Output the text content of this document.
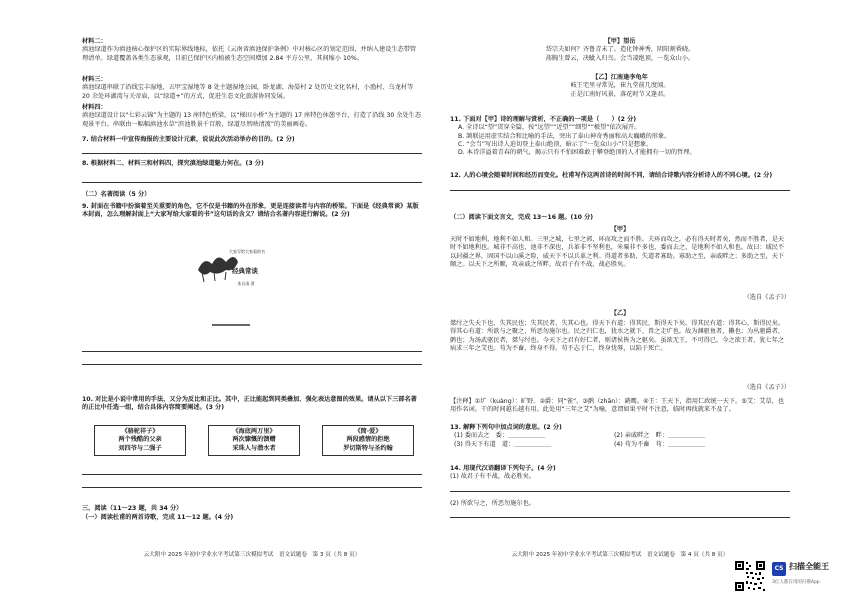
材料二：
滇池绿道作为滇池核心保护区的实际界线地标，依托《云南省滇池保护条例》中对核心区的划定范围，并纳入建设生态带管理清单。绿道覆盖各类生态景观，目前已保护区内植被生态空间增加 2.84 平方公里，其间缩小 10%。
材料三：
滇池绿道串联了沿线宝丰湿地、五甲宝湿地等 8 处主题湿地公园，卧龙湖、海晏村 2 处历史文化名村，小渔村、乌龙村等 20 余处环湖湾与关帝庙，以“绿道+”的方式，促进生态文化旅游协同发展。
材料四：
滇池绿道设计以“七彩云锦”为主题的 13 座特色桥梁，以“梯田小桥”为主题的 17 座特色休憩平台，打造了沿线 30 余处生态观景平台。串联由一幅幅滇池水草“滨池胜景千百般，绿道尽然映清流”的美丽画卷。
7. 结合材料一中宣传海报的主要设计元素，说说此次活动举办的目的。(2 分)
8. 根据材料二、材料三和材料四，探究滇池绿道魅力何在。(3 分)
（二）名著阅读（5 分）
9. 封面在书籍中扮演着至关重要的角色，它不仅是书籍的外在形象，更是连接读者与内容的桥梁。下面是《经典常谈》某版本封面，怎么理解封面上“大家写给大家看的书”这句话的含义？请结合名著内容进行解说。(2 分)
大家写给大家看的书
经典常谈
朱自清 著
10. 对比是小说中常用的手法，又分为反比和正比。其中，正比能起到同类叠加、强化表达意图的效果。请从以下三部名著的正比中任选一组，结合具体内容简要阐述。(3 分)
《骆驼祥子》
两个残酷的父亲
刘四爷与二强子
《海底两万里》
两次慷慨的馈赠
采珠人与潜水者
《简·爱》
两段感情的拒绝
罗切斯特与圣约翰
三、阅读（11～23 题，共 34 分）
（一）阅读杜甫的两首诗歌，完成 11～12 题。(4 分)
云大附中 2025 年初中学业水平考试第三次模拟考试　语文试题卷　第 3 页（共 8 页）
【甲】望岳
岱宗夫如何？齐鲁青未了。造化钟神秀，阴阳割昏晓。
荡胸生曾云，决眦入归鸟。会当凌绝顶，一览众山小。
【乙】江南逢李龟年
岐王宅里寻常见，崔九堂前几度闻。
正是江南好风景，落花时节又逢君。
11. 下面对【甲】诗的理解与赏析，不正确的一项是（　　）(2 分)
A. 全诗以“望”贯穿全篇，按“远望”“近望”“细望”“极望”依次展开。
B. 颔联运用虚实结合和比喻的手法，突出了泰山神奇秀丽和高大巍峨的形象。
C. “会当”写出诗人迫切登上泰山绝顶，暗示了“一览众山小”只是想象。
D. 本诗洋溢着青春的朝气，揭示只有不怕困难敢于攀登绝顶的人才能拥有一切的哲理。
12. 人的心境会随着时间和经历而变化。杜甫写作这两首诗的时间不同，请结合诗歌内容分析诗人的不同心境。(2 分)
（二）阅读下面文言文，完成 13～16 题。(10 分)
【甲】
天时不如地利，地利不如人和。三里之城，七里之郭，环而攻之而不胜。夫环而攻之，必有得天时者矣，然而不胜者，是天时不如地利也。城非不高也，池非不深也，兵革非不坚利也，米粟非不多也，委而去之，是地利不如人和也。故曰：域民不以封疆之界，固国不以山溪之险，威天下不以兵革之利。得道者多助，失道者寡助。寡助之至，亲戚畔之；多助之至，天下顺之。以天下之所顺，攻亲戚之所畔，故君子有不战，战必胜矣。
（选自《孟子》）
【乙】
桀纣之失天下也，失其民也；失其民者，失其心也。得天下有道：得其民，斯得天下矣。得其民有道：得其心，斯得民矣。得其心有道：所欲与之聚之，所恶勿施尔也。民之归仁也，犹水之就下、兽之走圹也。故为渊驱鱼者，獭也；为丛驱爵者，鹯也；为汤武驱民者，桀与纣也。今天下之君有好仁者，则诸侯皆为之驱矣。虽欲无王，不可得已。今之欲王者，犹七年之病求三年之艾也。苟为不畜，终身不得。苟不志于仁，终身忧辱，以陷于死亡。
（选自《孟子》）
【注释】①圹（kuàng）：旷野。②爵：同“雀”。③鹯（zhān）：鹞鹰。④王：王天下，指用仁政统一天下。⑤艾：艾草，也用作名词。干的时间越长越有用。此处用“三年之艾”为喻，意谓如果平时不注意，临时再找就来不及了。
13. 解释下列句中加点词的意思。(2 分)
(1) 委而去之　 委：＿＿＿＿＿＿	(2) 亲戚畔之　 畔：＿＿＿＿＿＿
(3) 得天下有道　 道：＿＿＿＿＿＿	(4) 苟为不畜　 苟：＿＿＿＿＿＿
14. 用现代汉语翻译下列句子。(4 分)
(1) 故君子有不战，战必胜矣。
(2) 所欲与之，所恶勿施尔也。
云大附中 2025 年初中学业水平考试第三次模拟考试　语文试题卷　第 4 页（共 8 页）
CS 扫描全能王
3亿人都在用的扫描App
